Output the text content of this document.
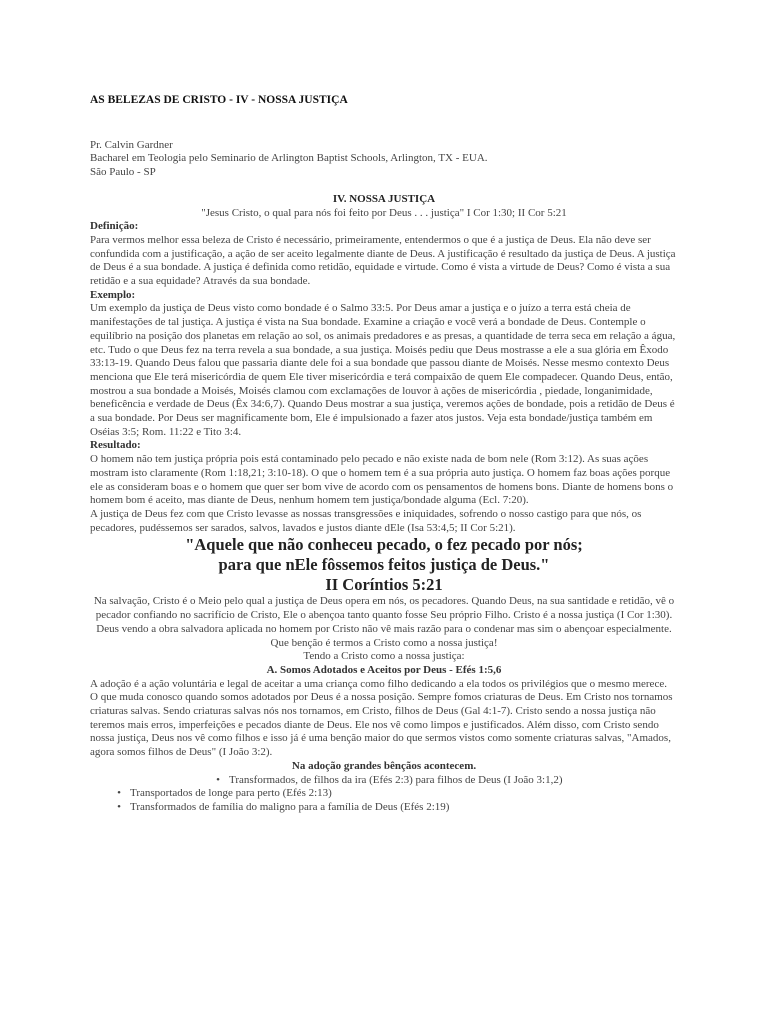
AS BELEZAS DE CRISTO - IV - NOSSA JUSTIÇA

Pr. Calvin Gardner

Bacharel em Teologia pelo Seminario de Arlington Baptist Schools, Arlington, TX - EUA.

São Paulo - SP

IV. NOSSA JUSTIÇA
"Jesus Cristo, o qual para nós foi feito por Deus . . . justiça" I Cor 1:30; II Cor 5:21
Definição:

Para vermos melhor essa beleza de Cristo é necessário, primeiramente, entendermos o que é a justiça de Deus. Ela não deve ser confundida com a justificação, a ação de ser aceito legalmente diante de Deus. A justificação é resultado da justiça de Deus. A justiça de Deus é a sua bondade. A justiça é definida como retidão, equidade e virtude. Como é vista a virtude de Deus? Como é vista a sua retidão e a sua equidade? Através da sua bondade.

Exemplo:

Um exemplo da justiça de Deus visto como bondade é o Salmo 33:5. Por Deus amar a justiça e o juízo a terra está cheia de manifestações de tal justiça. A justiça é vista na Sua bondade. Examine a criação e você verá a bondade de Deus. Contemple o equilíbrio na posição dos planetas em relação ao sol, os animais predadores e as presas, a quantidade de terra seca em relação a água, etc. Tudo o que Deus fez na terra revela a sua bondade, a sua justiça. Moisés pediu que Deus mostrasse a ele a sua glória em Êxodo 33:13-19. Quando Deus falou que passaria diante dele foi a sua bondade que passou diante de Moisés. Nesse mesmo contexto Deus menciona que Ele terá misericórdia de quem Ele tiver misericórdia e terá compaixão de quem Ele compadecer. Quando Deus, então, mostrou a sua bondade a Moisés, Moisés clamou com exclamações de louvor à ações de misericórdia , piedade, longanimidade, beneficência e verdade de Deus (Êx 34:6,7). Quando Deus mostrar a sua justiça, veremos ações de bondade, pois a retidão de Deus é a sua bondade. Por Deus ser magnificamente bom, Ele é impulsionado a fazer atos justos. Veja esta bondade/justiça também em Oséias 3:5; Rom. 11:22 e Tito 3:4.

Resultado:

O homem não tem justiça própria pois está contaminado pelo pecado e não existe nada de bom nele (Rom 3:12). As suas ações mostram isto claramente (Rom 1:18,21; 3:10-18). O que o homem tem é a sua própria auto justiça. O homem faz boas ações porque ele as consideram boas e o homem que quer ser bom vive de acordo com os pensamentos de homens bons. Diante de homens bons o homem bom é aceito, mas diante de Deus, nenhum homem tem justiça/bondade alguma (Ecl. 7:20).

A justiça de Deus fez com que Cristo levasse as nossas transgressões e iniquidades, sofrendo o nosso castigo para que nós, os pecadores, pudéssemos ser sarados, salvos, lavados e justos diante dEle (Isa 53:4,5; II Cor 5:21).

"Aquele que não conheceu pecado, o fez pecado por nós;

para que nEle fôssemos feitos justiça de Deus."

II Coríntios 5:21

Na salvação, Cristo é o Meio pelo qual a justiça de Deus opera em nós, os pecadores. Quando Deus, na sua santidade e retidão, vê o pecador confiando no sacrifício de Cristo, Ele o abençoa tanto quanto fosse Seu próprio Filho. Cristo é a nossa justiça (I Cor 1:30). Deus vendo a obra salvadora aplicada no homem por Cristo não vê mais razão para o condenar mas sim o abençoar especialmente. Que benção é termos a Cristo como a nossa justiça!

Tendo a Cristo como a nossa justiça:
A. Somos Adotados e Aceitos por Deus - Efés 1:5,6

A adoção é a ação voluntária e legal de aceitar a uma criança como filho dedicando a ela todos os privilégios que o mesmo merece.

O que muda conosco quando somos adotados por Deus é a nossa posição. Sempre fomos criaturas de Deus. Em Cristo nos tornamos criaturas salvas. Sendo criaturas salvas nós nos tornamos, em Cristo, filhos de Deus (Gal 4:1-7). Cristo sendo a nossa justiça não teremos mais erros, imperfeições e pecados diante de Deus. Ele nos vê como limpos e justificados. Além disso, com Cristo sendo nossa justiça, Deus nos vê como filhos e isso já é uma benção maior do que sermos vistos como somente criaturas salvas, "Amados, agora somos filhos de Deus" (I João 3:2).

Na adoção grandes bênçãos acontecem.
• Transformados, de filhos da ira (Efés 2:3) para filhos de Deus (I João 3:1,2)
• Transportados de longe para perto (Efés 2:13)
• Transformados de família do maligno para a família de Deus (Efés 2:19)
